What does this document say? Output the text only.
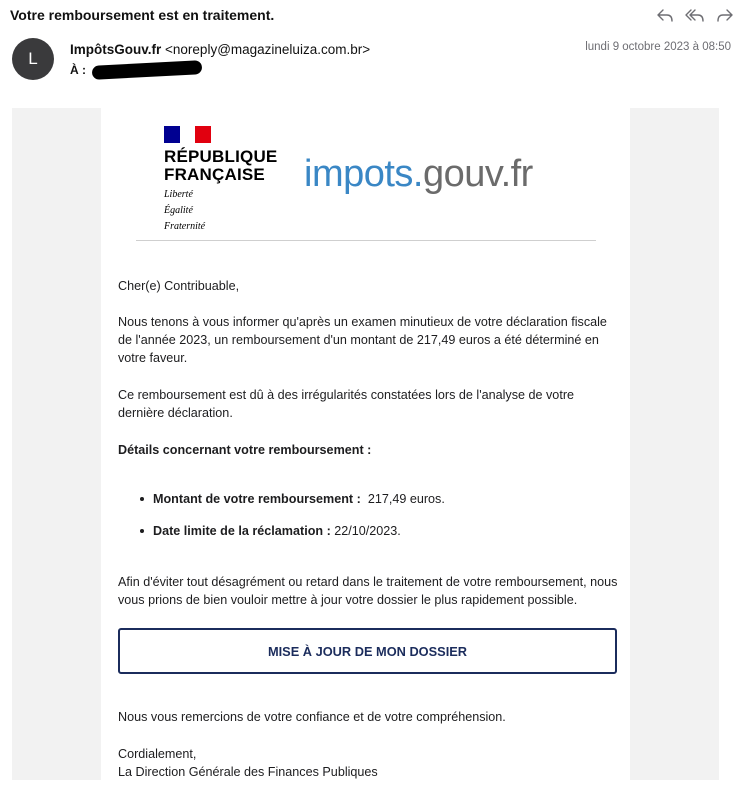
Votre remboursement est en traitement.
L	ImpôtsGouv.fr <noreply@magazineluiza.com.br>
À :
lundi 9 octobre 2023 à 08:50
RÉPUBLIQUE
FRANÇAISE
Liberté
Égalité
Fraternité
impots.gouv.fr
Cher(e) Contribuable,
Nous tenons à vous informer qu'après un examen minutieux de votre déclaration fiscale de l'année 2023, un remboursement d'un montant de 217,49 euros a été déterminé en votre faveur.
Ce remboursement est dû à des irrégularités constatées lors de l'analyse de votre dernière déclaration.
Détails concernant votre remboursement :
Montant de votre remboursement : 217,49 euros.
Date limite de la réclamation : 22/10/2023.
Afin d'éviter tout désagrément ou retard dans le traitement de votre remboursement, nous vous prions de bien vouloir mettre à jour votre dossier le plus rapidement possible.
MISE À JOUR DE MON DOSSIER
Nous vous remercions de votre confiance et de votre compréhension.
Cordialement,
La Direction Générale des Finances Publiques
